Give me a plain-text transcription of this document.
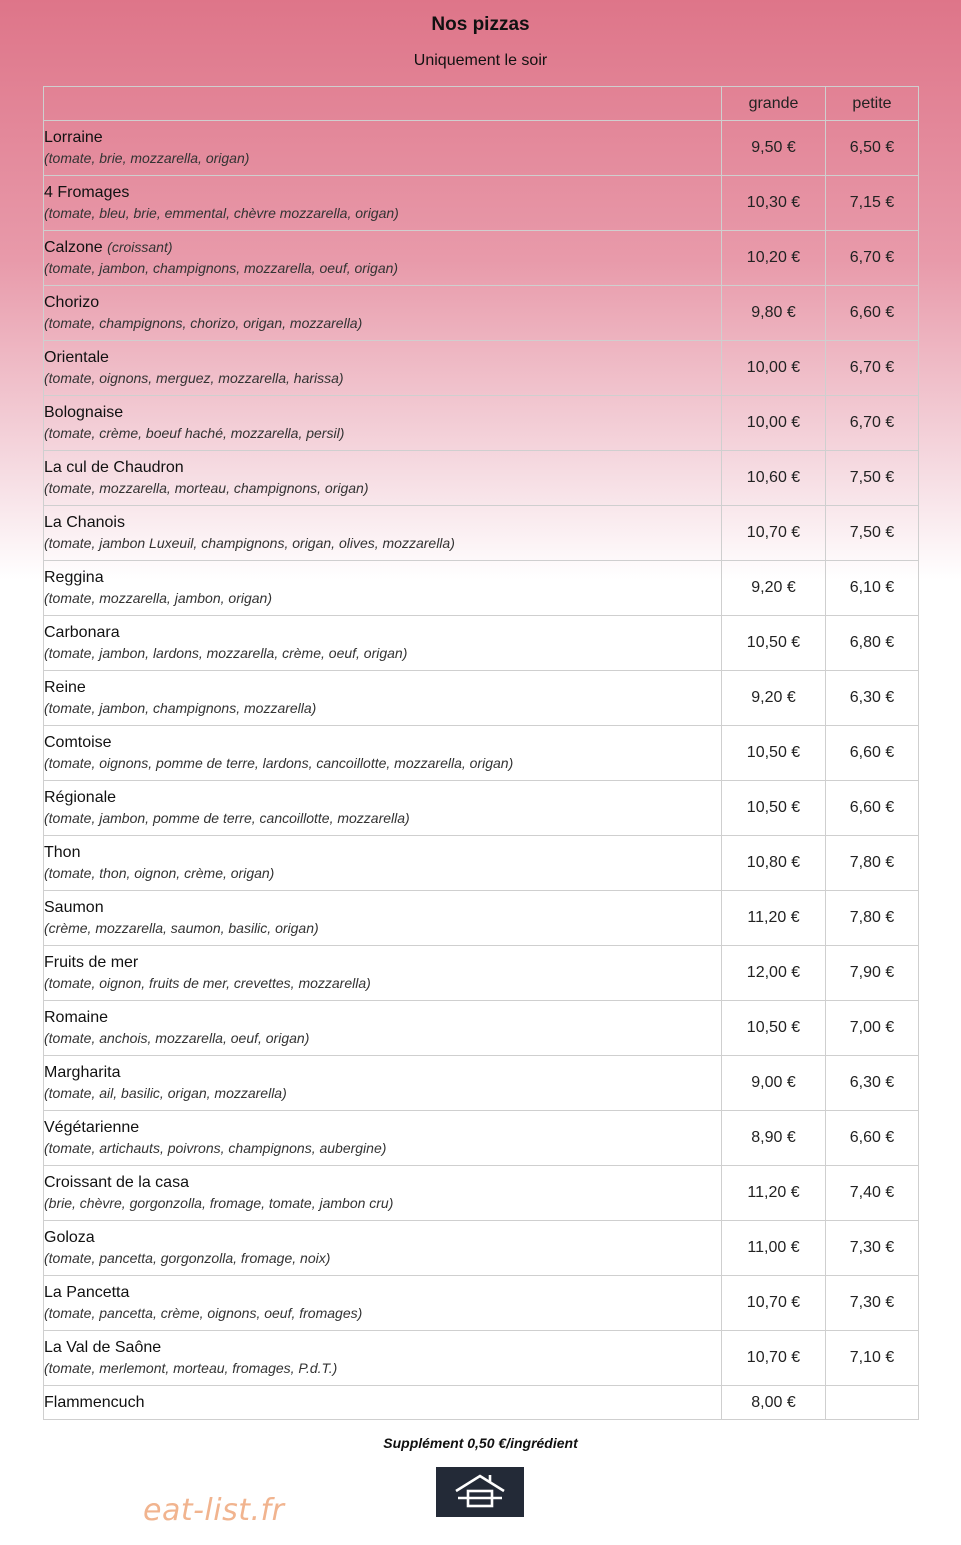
Nos pizzas
Uniquement le soir
	grande	petite

Lorraine
(tomate, brie, mozzarella, origan)	9,50 €	6,50 €

4 Fromages
(tomate, bleu, brie, emmental, chèvre mozzarella, origan)	10,30 €	7,15 €

Calzone (croissant)
(tomate, jambon, champignons, mozzarella, oeuf, origan)	10,20 €	6,70 €

Chorizo
(tomate, champignons, chorizo, origan, mozzarella)	9,80 €	6,60 €

Orientale
(tomate, oignons, merguez, mozzarella, harissa)	10,00 €	6,70 €

Bolognaise
(tomate, crème, boeuf haché, mozzarella, persil)	10,00 €	6,70 €

La cul de Chaudron
(tomate, mozzarella, morteau, champignons, origan)	10,60 €	7,50 €

La Chanois
(tomate, jambon Luxeuil, champignons, origan, olives, mozzarella)	10,70 €	7,50 €

Reggina
(tomate, mozzarella, jambon, origan)	9,20 €	6,10 €

Carbonara
(tomate, jambon, lardons, mozzarella, crème, oeuf, origan)	10,50 €	6,80 €

Reine
(tomate, jambon, champignons, mozzarella)	9,20 €	6,30 €

Comtoise
(tomate, oignons, pomme de terre, lardons, cancoillotte, mozzarella, origan)	10,50 €	6,60 €

Régionale
(tomate, jambon, pomme de terre, cancoillotte, mozzarella)	10,50 €	6,60 €

Thon
(tomate, thon, oignon, crème, origan)	10,80 €	7,80 €

Saumon
(crème, mozzarella, saumon, basilic, origan)	11,20 €	7,80 €

Fruits de mer
(tomate, oignon, fruits de mer, crevettes, mozzarella)	12,00 €	7,90 €

Romaine
(tomate, anchois, mozzarella, oeuf, origan)	10,50 €	7,00 €

Margharita
(tomate, ail, basilic, origan, mozzarella)	9,00 €	6,30 €

Végétarienne
(tomate, artichauts, poivrons, champignons, aubergine)	8,90 €	6,60 €

Croissant de la casa
(brie, chèvre, gorgonzolla, fromage, tomate, jambon cru)	11,20 €	7,40 €

Goloza
(tomate, pancetta, gorgonzolla, fromage, noix)	11,00 €	7,30 €

La Pancetta
(tomate, pancetta, crème, oignons, oeuf, fromages)	10,70 €	7,30 €

La Val de Saône
(tomate, merlemont, morteau, fromages, P.d.T.)	10,70 €	7,10 €

Flammencuch	8,00 €	
Supplément 0,50 €/ingrédient
eat-list.fr
